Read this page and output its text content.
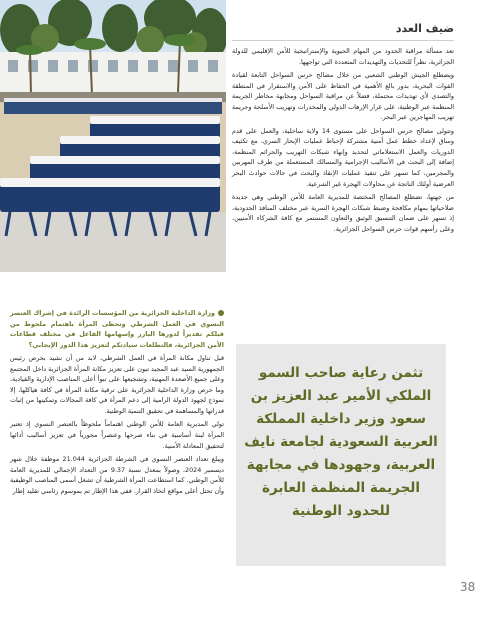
ضيف العدد

تعد مسألة مراقبة الحدود من المهام الحيوية والإستراتيجية للأمن الإقليمي للدولة الجزائرية، نظراً للتحديات والتهديدات المتعددة التي تواجهها.

ويضطلع الجيش الوطني الشعبي من خلال مصالح حرس السواحل التابعة لقيادة القوات البحرية، بدور بالغ الأهمية في الحفاظ على الأمن والاستقرار في المنطقة والتصدي لأي تهديدات محتملة، فضلاً عن مراقبة السواحل ومجابهة مخاطر الجريمة المنظمة عبر الوطنية، على غرار الإرهاب الدولي والمخدرات وتهريب الأسلحة وجريمة تهريب المهاجرين عبر البحر.

وتتولى مصالح حرس السواحل على مستوى 14 ولاية ساحلية، والعمل على قدم وساق لإعداد خطط عمل أمنية مشتركة لإحباط عمليات الإبحار السري، مع تكثيف الدوريات والعمل الاستعلاماتي لتحديد وإنهاء شبكات التهريب والجرائم المنظمة، إضافة إلى البحث في الأساليب الإجرامية والمسالك المستعملة من طرف المهربين والمجرمين، كما تسهر على تنفيذ عمليات الإنقاذ والبحث في حالات حوادث البحر العرضية أولئك الناتجة عن محاولات الهجرة غير الشرعية.

من جهتها، تضطلع المصالح المختصة للمديرية العامة للأمن الوطني وهي جديدة صلاحياتها بمهام مكافحة وضبط شبكات الهجرة السرية عبر مختلف المنافذ الحدودية، إذ تسهر على ضمان التنسيق الوثيق والتعاون المستمر مع كافة الشركاء الأمنيين، وعلى رأسهم قوات حرس السواحل الجزائرية.

تثمن رعاية صاحب السمو الملكي الأمير عبد العزيز بن سعود وزير داخلية المملكة العربية السعودية لجامعة نايف العربية، وجهودها في مجابهة الجريمة المنظمة العابرة للحدود الوطنية

وزارة الداخلية الجزائرية من المؤسسات الرائدة في إشراك العنصر النسوي في العمل الشرطي وتحظى المرأة باهتمام ملحوظ من قبلكم تقديراً لدورها البارز وإسهامها الفاعل في مختلف قطاعات الأمن الجزائرية، فالتطلعات سيادتكم لتعزيز هذا الدور الإيجابي؟

قبل تناول مكانة المرأة في العمل الشرطي، لابد من أن نشيد بحرص رئيس الجمهورية السيد عبد المجيد تبون على تعزيز مكانة المرأة الجزائرية داخل المجتمع وعلى جميع الأصعدة المهنية، وتشجيعها على تبوأ أعلى المناصب الإدارية والقيادية، وما حرص وزارة الداخلية الجزائرية على ترقية مكانة المرأة في كافة هياكلها، إلا نموذج لجهود الدولة الرامية إلى دعم المرأة في كافة المجالات وتمكينها من إثبات قدراتها والمساهمة في تحقيق التنمية الوطنية.

تولي المديرية العامة للأمن الوطني اهتماماً ملحوظاً بالعنصر النسوي إذ تعتبر المرأة لبنة أساسية في بناء صرحها وعنصراً محورياً في تعزيز أساليب أدائها لتحقيق المعادلة الأمنية.

ويبلغ تعداد العنصر النسوي في الشرطة الجزائرية 21.044 موظفة خلال شهر ديسمبر 2024، وصولاً بمعدل نسبة 9.37 من التعداد الإجمالي للمديرية العامة للأمن الوطني. كما استطاعت المرأة الشرطية أن تشغل أسمى المناصب الوظيفية وأن تحتل أعلى مواقع اتخاذ القرار. ففي هذا الإطار تم بموسوم رئاسي تقليد إطار

38
